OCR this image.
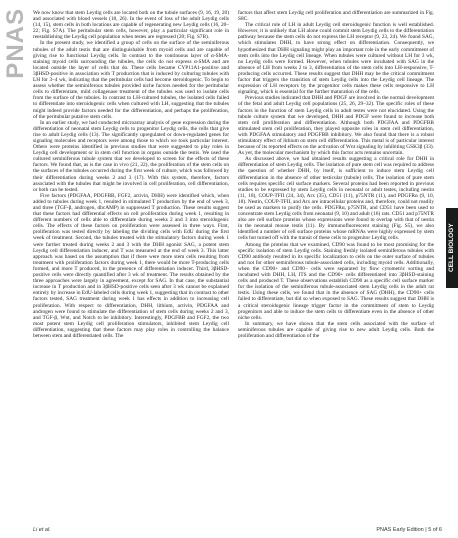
PNAS
CELL BIOLOGY

We now know that stem Leydig cells are located both on the tubule surfaces (9, 16, 19, 20) and associated with blood vessels (18, 26). In the event of loss of the adult Leydig cells (14, 15), stem cells in both locations are capable of regenerating new Leydig cells (16, 20–22; Fig. S7A). The peritubular stem cells, however, play a particular significant role in reestablishing the Leydig cell population when testes are regressed (20; Fig. S7B).

In the present study, we identified a group of cells on the surface of the seminiferous tubules of the adult testis that are distinguishable from myoid cells and are capable of giving rise to functional Leydig cells. In contrast to the continuous layer of α-SMA-staining myoid cells surrounding the tubules, the cells do not express α-SMA and are located outside the layer of cells that do. These cells became CYP11A1-positive and 3βHSD-positive in association with T production that is induced by culturing tubules with LH for 3–4 wk, indicating that the peritubular cells had become steroidogenic. To begin to assess whether the seminiferous tubules provided niche factors needed for the peritubular cells to differentiate, mild collagenase treatment of the tubules was used to isolate cells from the surface of the tubules. In contrast to LH-cultured tubules, the isolated cells failed to differentiate into steroidogenic cells when cultured with LH, suggesting that the tubules might indeed provide factors needed for the differentiation, and perhaps the proliferation, of the peritubular putative stem cells.

In an earlier study, we had conducted microarray analysis of gene expression during the differentiation of neonatal stem Leydig cells to progenitor Leydig cells, the cells that give rise to adult Leydig cells (13). The significantly upregulated or down-regulated genes for signaling molecules and receptors were among those to which we took particular interest. Others were proteins identified in previous studies that were suggested to play roles in Leydig cell development or in stem cell function in organs outside the testis. We used the cultured seminiferous tubule system that we developed to screen for the effects of these factors. We found that, as is the case in vivo (21, 22), the proliferation of the stem cells on the surfaces of the tubules occurred during the first week of culture, which was followed by their differentiation during weeks 2 and 3 (17). With this system, therefore, factors associated with the tubules that might be involved in cell proliferation, cell differentiation, or both can be tested.

Five factors (PDGFAA, PDGFBB, FGF2, activin, DHH) were identified which, when added to tubules during week 1, resulted in stimulated T production by the end of week 3, and three (TGF-β, androgen, dbcAMP) in suppressed T production. These results suggest that these factors had differential effects on cell proliferation during week 1, resulting in different numbers of cells able to differentiate during weeks 2 and 3 into steroidogenic cells. The effects of these factors on proliferation were assessed in three ways. First, proliferation was tested directly by labeling the dividing cells with EdU during the first week of treatment. Second, the tubules treated with the stimulatory factors during week 1 were further treated during weeks 2 and 3 with the DHH agonist SAG, a potent stem Leydig cell differentiation inducer, and T was measured at the end of week 3. This latter approach was based on the assumption that if there were more stem cells resulting from treatment with proliferation factors during week 1, there would be more T-producing cells formed, and more T produced, in the presence of differentiation inducer. Third, 3βHSD-positive cells were directly quantified after 3 wk of treatment. The results obtained by the three approaches were largely in agreement, except for SAG. In that case, the substantial increase in T production and in 3βHSD-positive cells seen after 3 wk cannot be explained entirely by increase in EdU-labeled cells during week 1, suggesting that in contrast to other factors tested, SAG treatment during week 1 has effects in addition to increasing cell proliferation. With respect to differentiation, DHH, lithium, activin, PDGFAA and androgen were found to stimulate the differentiation of stem cells during weeks 2 and 3, and TGF-β, Wnt, and Notch to be inhibitory. Interestingly, PDGFBB and FGF2, the two most potent stem Leydig cell proliferation stimulators, inhibited stem Leydig cell differentiation, suggesting that these factors may play roles in controlling the balance between stem and differentiated cells. The

factors that affect stem Leydig cell proliferation and differentiation are summarized in Fig. S8C.

The critical role of LH in adult Leydig cell steroidogenic function is well established. However, it is unlikely that LH alone could commit stem Leydig cells to the differentiation pathway because the stem cells do not express the LH receptor (9, 23, 24). We found SAG, which stimulates DHH, to have strong effect on differentiation. Consequently, we hypothesized that DHH signaling might play an important role in the early commitment of stem cells into the Leydig cell lineage. When tubules were cultured without LH for 3 wk, no Leydig cells were formed. However, when tubules were incubated with SAG in the absence of LH from weeks 2 to 3, differentiation of the stem cells into LH-responsive, T-producing cells occurred. These results suggest that DHH may be the critical commitment factor that triggers the transition of stem Leydig cells into the Leydig cell lineage. The expression of LH receptors by the progenitor cells makes these cells responsive to LH signaling, which is essential for the further maturation of the cells.

Previous studies indicated that DHH and PDGF are involved in the normal development of the fetal and adult Leydig cell populations (25, 26, 29–32). The specific roles of these factors in the function of stem Leydig cells in adult testes were not elucidated. Using the tubule culture system that we developed, DHH and PDGF were found to increase both stem cell proliferation and differentiation. Although both PDGFAA and PDGFBB stimulated stem cell proliferation, they played opposite roles in stem cell differentiation, with PDGFAA stimulatory and PDGFBB inhibitory. We also found that there is a robust stimulatory effect of lithium on stem cell differentiation. This metal is of particular interest because of its reported effects on the activation of Wnt signaling by inhibiting GSK3β (33). As yet, the molecular mechanism by which this factor acts remains uncertain.

As discussed above, we had obtained results suggesting a critical role for DHH in differentiation of stem Leydig cells. The isolation of pure stem cell was required to address the question of whether DHH, by itself, is sufficient to induce stem Leydig cell differentiation in the absence of other testicular (tubule) cells. The isolation of pure stem cells requires specific cell surface markers. Several proteins had been reported in previous studies to be expressed by stem Leydig cells in neonatal or adult testes, including nestin (11, 18), COUP-TFII (24, 34), Arx (35), CD51 (11), p75NTR (11), and PDGFRα (9, 10, 18). Nestin, COUP-TFII, and Arx are intracellular proteins and, therefore, could not readily be used as markers to purify the cells. PDGFRα, p75NTR, and CD51 have been used to concentrate stem Leydig cells from neonatal (9, 10) and adult (16) rats. CD51 and p75NTR also are cell surface proteins whose expressions were found to overlap with that of nestin in the neonatal mouse testis (11). By immunofluorescent staining (Fig. S5), we also identified a number of cell surface proteins whose mRNAs were highly expressed by stem cells but turned off with the transit of these cells to progenitor Leydig cells.

Among the proteins that we examined, CD90 was found to be most promising for the specific isolation of stem Leydig cells. Staining freshly isolated seminiferous tubules with CD90 antibody resulted in its specific localization to cells on the outer surface of tubules and not for other seminiferous tubule-associated cells, including myoid cells. Additionally, when the CD90+ and CD90− cells were separated by flow cytometric sorting and incubated with DHH, LH, ITS and the CD90+ cells differentiated into 3βHSD-staining cells and produced T. These observations establish CD90 as a specific cell surface marker for the isolation of the seminiferous tubule-associated stem Leydig cells in the adult rat testis. Using these cells, we found that in the absence of SAG (DHH), the CD90+ cells failed to differentiate, but did so when exposed to SAG. These results suggest that DHH is a critical steroidogenic lineage trigger factor in the commitment of stem to Leydig progenitors and able to induce the stem cells to differentiate even in the absence of other niche cells.

In summary, we have shown that the stem cells associated with the surface of seminiferous tubules are capable of giving rise to new adult Leydig cells. Both the proliferation and differentiation of the

Li et al.	PNAS Early Edition | 5 of 6
